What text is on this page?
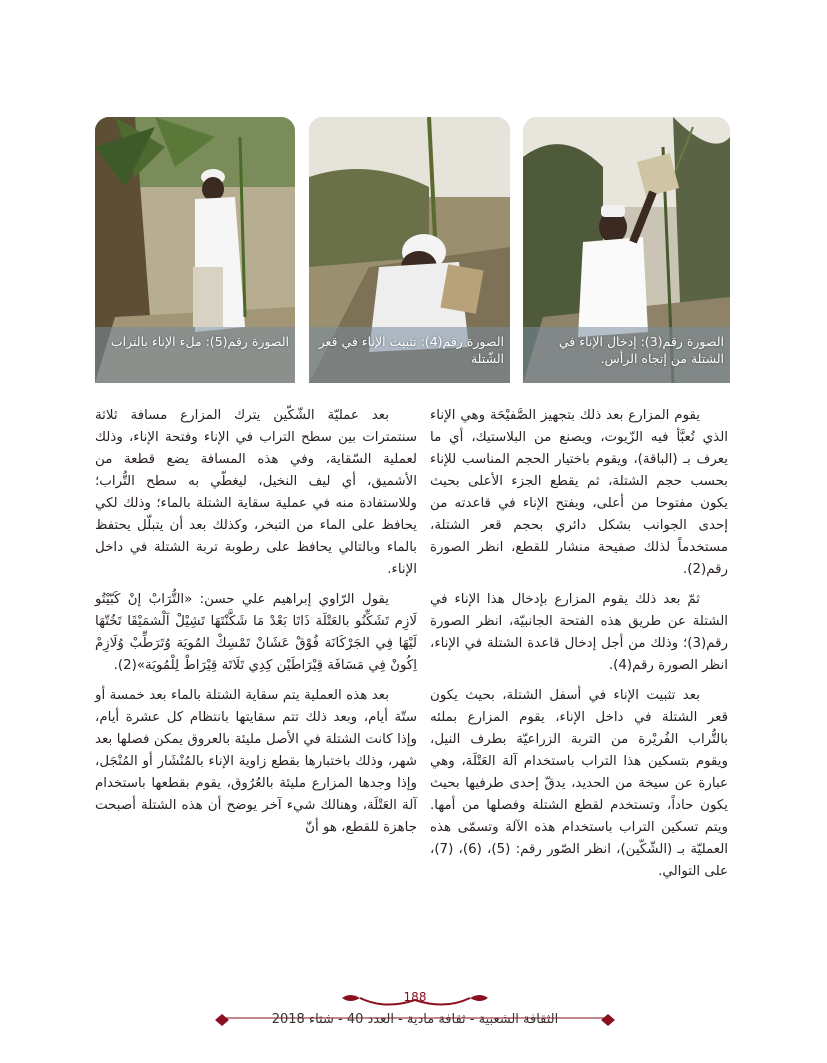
الصورة رقم(3): إدخال الإناء في الشتلة من إتجاه الرأس.
الصورة رقم(4): تثبيت الإناء في قعر الشّتلة
الصورة رقم(5): ملء الإناء بالتراب

يقوم المزارع بعد ذلك بتجهيز الصَّفيْحَة وهي الإناء الذي تُعبَّأ فيه الزّيوت، ويصنع من البلاستيك، أي ما يعرف بـ (الباقة)، ويقوم باختيار الحجم المناسب للإناء بحسب حجم الشتلة، ثم يقطع الجزء الأعلى بحيث يكون مفتوحا من أعلى، ويفتح الإناء في قاعدته من إحدى الجوانب بشكل دائري بحجم قعر الشتلة، مستخدماً لذلك صفيحة منشار للقطع، انظر الصورة رقم(2).

ثمّ بعد ذلك يقوم المزارع بإدخال هذا الإناء في الشتلة عن طريق هذه الفتحة الجانبيّة، انظر الصورة رقم(3)؛ وذلك من أجل إدخال قاعدة الشتلة في الإناء، انظر الصورة رقم(4).

بعد تثبيت الإناء في أسفل الشتلة، بحيث يكون قعر الشتلة في داخل الإناء، يقوم المزارع بملئه بالتُّراب الفُريْرة من التربة الزراعيّة بطرف النيل، ويقوم بتسكين هذا التراب باستخدام آلة العَتْلَة، وهي عبارة عن سيخة من الحديد، يدقّ إحدى طرفيها بحيث يكون حاداً، وتستخدم لقطع الشتلة وفصلها من أمها. ويتم تسكين التراب باستخدام هذه الآلة وتسمّى هذه العمليّة بـ (الشّكّين)، انظر الصّور رقم: (5)، (6)، (7)، على التوالي.

بعد عمليّة الشّكّين يترك المزارع مسافة ثلاثة سنتمترات بين سطح التراب في الإناء وفتحة الإناء، وذلك لعملية السّقاية، وفي هذه المسافة يضع قطعة من الأشميق، أي ليف النخيل، ليغطّي به سطح التُّراب؛ وللاستفادة منه في عملية سقاية الشتلة بالماء؛ وذلك لكي يحافظ على الماء من التبخر، وكذلك بعد أن يتبلّل يحتفظ بالماء وبالتالي يحافظ على رطوبة تربة الشتلة في داخل الإناء.

يقول الرّاوي إبراهيم علي حسن: «التُّرَابْ إنْ كَبّيْتُو لَازِم تَشَكِّنُو بالعَتْلَة ذَاتَا بَعْدْ مَا شَكَّنْتَهَا تَشِيْلْ اَلْشمَيْقَا تَخُتّهَا لَيْهَا فِي الجَرْكَانَة فُوْقْ عَشَانْ تَمْسِكْ المُويَة وُتَرَطِّبْ وُلَازِمْ اِكُونْ فِي مَسَافَة قِيْرَاطَيْن كِدِي تَلَاتَة قِيْرَاطْ لِلْمُويَة»(2).

بعد هذه العملية يتم سقاية الشتلة بالماء بعد خمسة أو ستّة أيام، وبعد ذلك تتم سقايتها بانتظام كل عشرة أيام، وإذا كانت الشتلة في الأصل مليئة بالعروق يمكن فصلها بعد شهر، وذلك باختبارها بقطع زاوية الإناء بالمُنْشَار أو المُنْجَل، وإذا وجدها المزارع مليئة بالعُرُوق، يقوم بقطعها باستخدام آلة العَتْلَة، وهنالك شيء آخر يوضح أن هذه الشتلة أصبحت جاهزة للقطع، هو أنّ

188
الثقافة الشعبية - ثقافة مادية - العدد 40 - شتاء 2018
